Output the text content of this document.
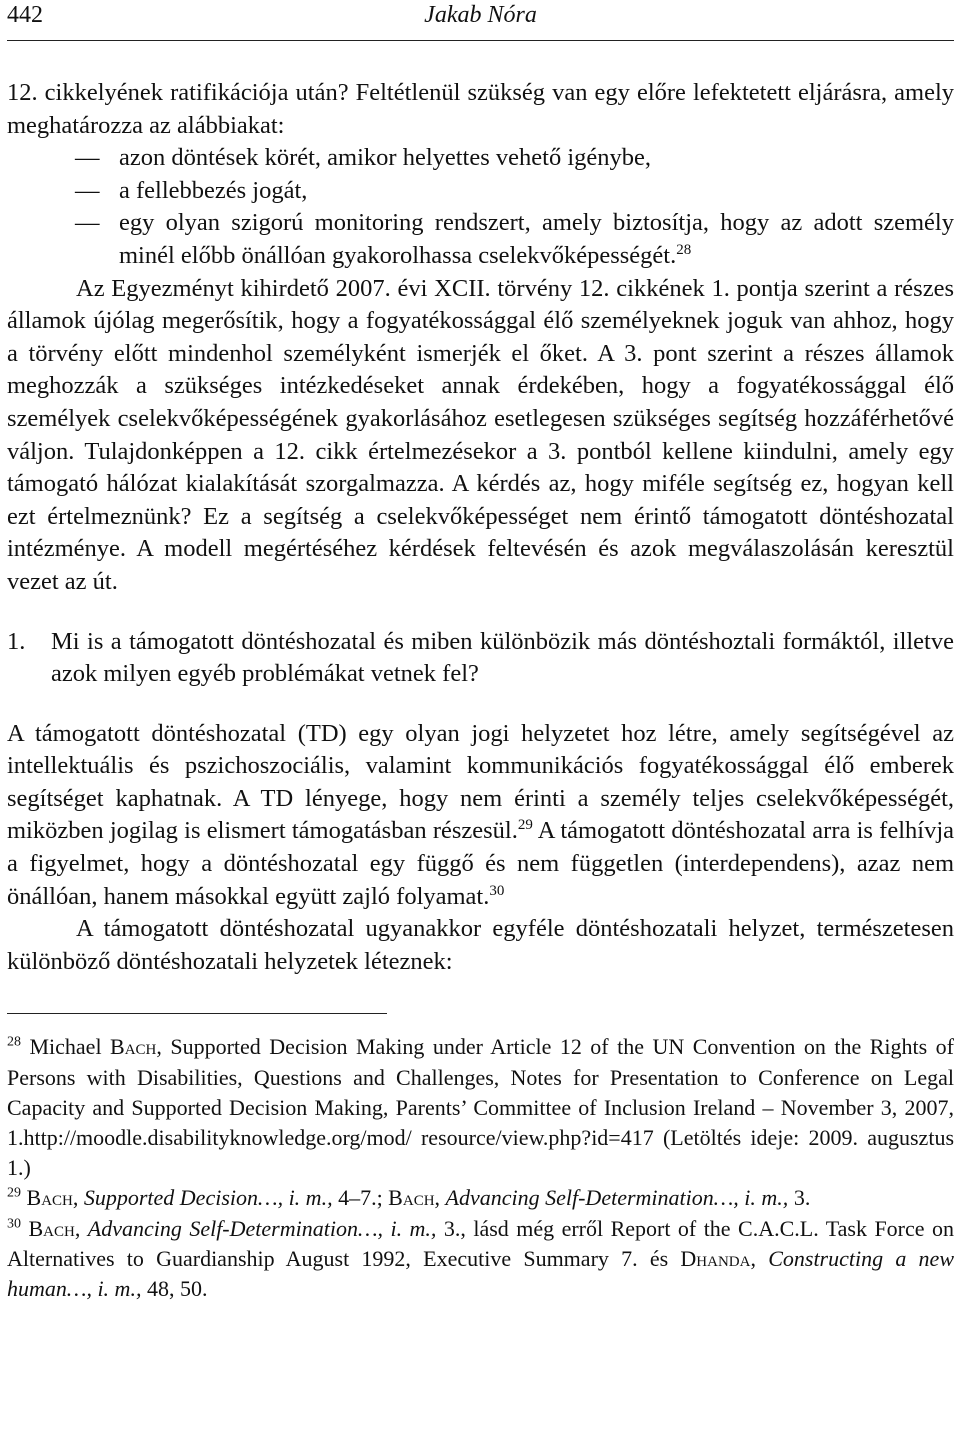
442	Jakab Nóra

12. cikkelyének ratifikációja után? Feltétlenül szükség van egy előre lefektetett eljárásra, amely meghatározza az alábbiakat:

— azon döntések körét, amikor helyettes vehető igénybe,
— a fellebbezés jogát,
— egy olyan szigorú monitoring rendszert, amely biztosítja, hogy az adott személy minél előbb önállóan gyakorolhassa cselekvőképességét.$^{28}$

Az Egyezményt kihirdető 2007. évi XCII. törvény 12. cikkének 1. pontja szerint a részes államok újólag megerősítik, hogy a fogyatékossággal élő személyeknek joguk van ahhoz, hogy a törvény előtt mindenhol személyként ismerjék el őket. A 3. pont szerint a részes államok meghozzák a szükséges intézkedéseket annak érdekében, hogy a fogyatékossággal élő személyek cselekvőképességének gyakorlásához esetlegesen szükséges segítség hozzáférhetővé váljon. Tulajdonképpen a 12. cikk értelmezésekor a 3. pontból kellene kiindulni, amely egy támogató hálózat kialakítását szorgalmazza. A kérdés az, hogy miféle segítség ez, hogyan kell ezt értelmeznünk? Ez a segítség a cselekvőképességet nem érintő támogatott döntéshozatal intézménye. A modell megértéséhez kérdések feltevésén és azok megválaszolásán keresztül vezet az út.

1.	Mi is a támogatott döntéshozatal és miben különbözik más döntéshoztali formáktól, illetve azok milyen egyéb problémákat vetnek fel?

A támogatott döntéshozatal (TD) egy olyan jogi helyzetet hoz létre, amely segítségével az intellektuális és pszichoszociális, valamint kommunikációs fogyatékossággal élő emberek segítséget kaphatnak. A TD lényege, hogy nem érinti a személy teljes cselekvőképességét, miközben jogilag is elismert támogatásban részesül.$^{29}$ A támogatott döntéshozatal arra is felhívja a figyelmet, hogy a döntéshozatal egy függő és nem független (interdependens), azaz nem önállóan, hanem másokkal együtt zajló folyamat.$^{30}$

A támogatott döntéshozatal ugyanakkor egyféle döntéshozatali helyzet, természetesen különböző döntéshozatali helyzetek léteznek:

$^{28}$ Michael Bach, Supported Decision Making under Article 12 of the UN Convention on the Rights of Persons with Disabilities, Questions and Challenges, Notes for Presentation to Conference on Legal Capacity and Supported Decision Making, Parents’ Committee of Inclusion Ireland – November 3, 2007, 1.http://moodle.disabilityknowledge.org/mod/ resource/view.php?id=417 (Letöltés ideje: 2009. augusztus 1.)

$^{29}$ Bach, Supported Decision…, i. m., 4–7.; Bach, Advancing Self-Determination…, i. m., 3.

$^{30}$ Bach, Advancing Self-Determination…, i. m., 3., lásd még erről Report of the C.A.C.L. Task Force on Alternatives to Guardianship August 1992, Executive Summary 7. és Dhanda, Constructing a new human…, i. m., 48, 50.
